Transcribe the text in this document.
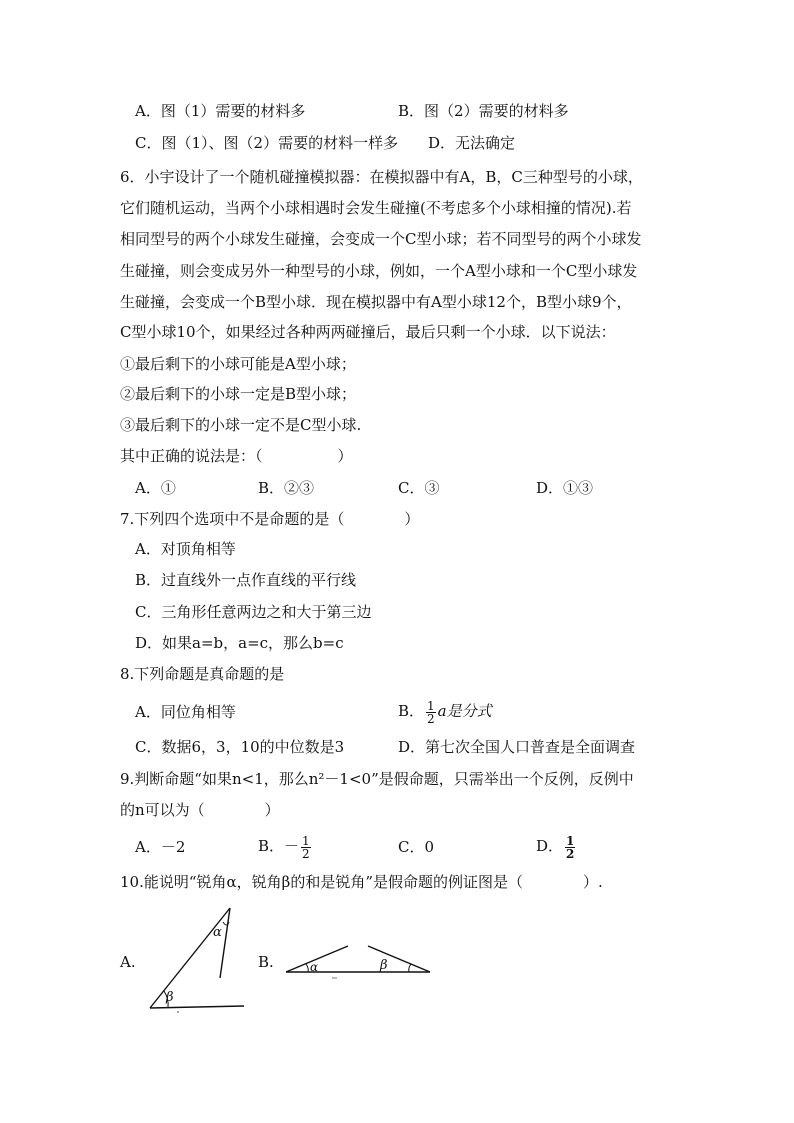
A．图（1）需要的材料多	B．图（2）需要的材料多
C．图（1）、图（2）需要的材料一样多 D．无法确定
6．小宇设计了一个随机碰撞模拟器：在模拟器中有A，B，C三种型号的小球，
它们随机运动，当两个小球相遇时会发生碰撞(不考虑多个小球相撞的情况).若
相同型号的两个小球发生碰撞，会变成一个C型小球；若不同型号的两个小球发
生碰撞，则会变成另外一种型号的小球，例如，一个A型小球和一个C型小球发
生碰撞，会变成一个B型小球．现在模拟器中有A型小球12个，B型小球9个，
C型小球10个，如果经过各种两两碰撞后，最后只剩一个小球．以下说法：
①最后剩下的小球可能是A型小球；
②最后剩下的小球一定是B型小球；
③最后剩下的小球一定不是C型小球.
其中正确的说法是：（　　　　　）
A．①	B．②③	C．③	D．①③
7.下列四个选项中不是命题的是（　　　　）
A．对顶角相等
B．过直线外一点作直线的平行线
C．三角形任意两边之和大于第三边
D．如果a=b，a=c，那么b=c
8.下列命题是真命题的是
A．同位角相等	B． $\frac{1}{2}$ a是分式
C．数据6，3，10的中位数是3	D．第七次全国人口普查是全面调查
9.判断命题“如果n<1，那么n²－1<0”是假命题，只需举出一个反例，反例中
的n可以为（　　　　）
A．－2	B．－ $\frac{1}{2}$	C．0	D． $\frac{1}{2}$
10.能说明“锐角α，锐角β的和是锐角”是假命题的例证图是（　　　　）.
A.	B.
α
β
α	β
